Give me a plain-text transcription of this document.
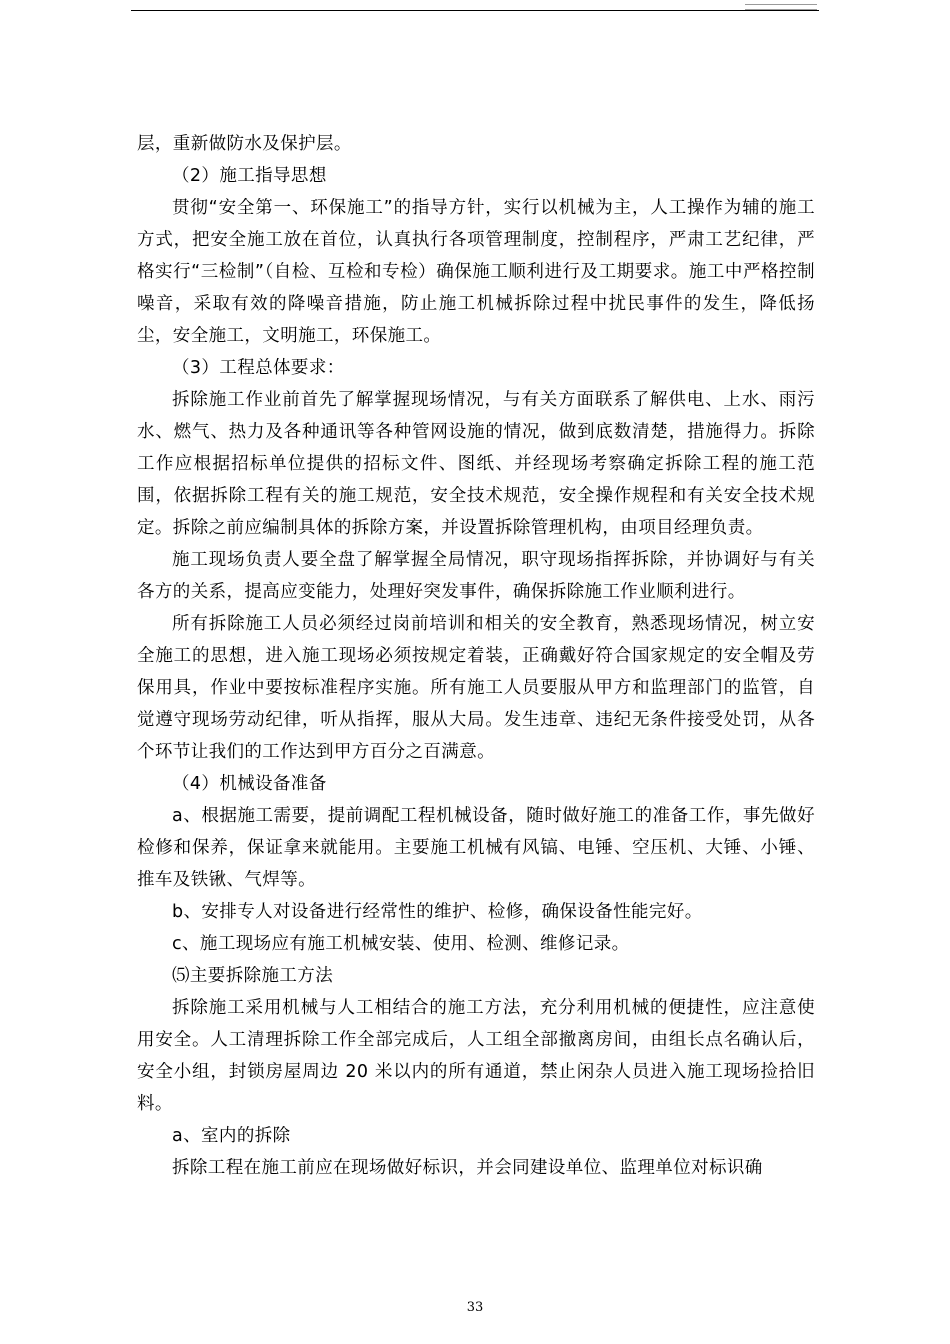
层，重新做防水及保护层。

（2）施工指导思想

贯彻“安全第一、环保施工”的指导方针，实行以机械为主，人工操作为辅的施工方式，把安全施工放在首位，认真执行各项管理制度，控制程序，严肃工艺纪律，严格实行“三检制”（自检、互检和专检）确保施工顺利进行及工期要求。施工中严格控制噪音，采取有效的降噪音措施，防止施工机械拆除过程中扰民事件的发生，降低扬尘，安全施工，文明施工，环保施工。

（3）工程总体要求：

拆除施工作业前首先了解掌握现场情况，与有关方面联系了解供电、上水、雨污水、燃气、热力及各种通讯等各种管网设施的情况，做到底数清楚，措施得力。拆除工作应根据招标单位提供的招标文件、图纸、并经现场考察确定拆除工程的施工范围，依据拆除工程有关的施工规范，安全技术规范，安全操作规程和有关安全技术规定。拆除之前应编制具体的拆除方案，并设置拆除管理机构，由项目经理负责。

施工现场负责人要全盘了解掌握全局情况，职守现场指挥拆除，并协调好与有关各方的关系，提高应变能力，处理好突发事件，确保拆除施工作业顺利进行。

所有拆除施工人员必须经过岗前培训和相关的安全教育，熟悉现场情况，树立安全施工的思想，进入施工现场必须按规定着装，正确戴好符合国家规定的安全帽及劳保用具，作业中要按标准程序实施。所有施工人员要服从甲方和监理部门的监管，自觉遵守现场劳动纪律，听从指挥，服从大局。发生违章、违纪无条件接受处罚，从各个环节让我们的工作达到甲方百分之百满意。

（4）机械设备准备

a、根据施工需要，提前调配工程机械设备，随时做好施工的准备工作，事先做好检修和保养，保证拿来就能用。主要施工机械有风镐、电锤、空压机、大锤、小锤、推车及铁锹、气焊等。

b、安排专人对设备进行经常性的维护、检修，确保设备性能完好。

c、施工现场应有施工机械安装、使用、检测、维修记录。

⑸主要拆除施工方法

拆除施工采用机械与人工相结合的施工方法，充分利用机械的便捷性，应注意使用安全。人工清理拆除工作全部完成后，人工组全部撤离房间，由组长点名确认后，安全小组，封锁房屋周边 20 米以内的所有通道，禁止闲杂人员进入施工现场捡拾旧料。

a、室内的拆除

拆除工程在施工前应在现场做好标识，并会同建设单位、监理单位对标识确

33
